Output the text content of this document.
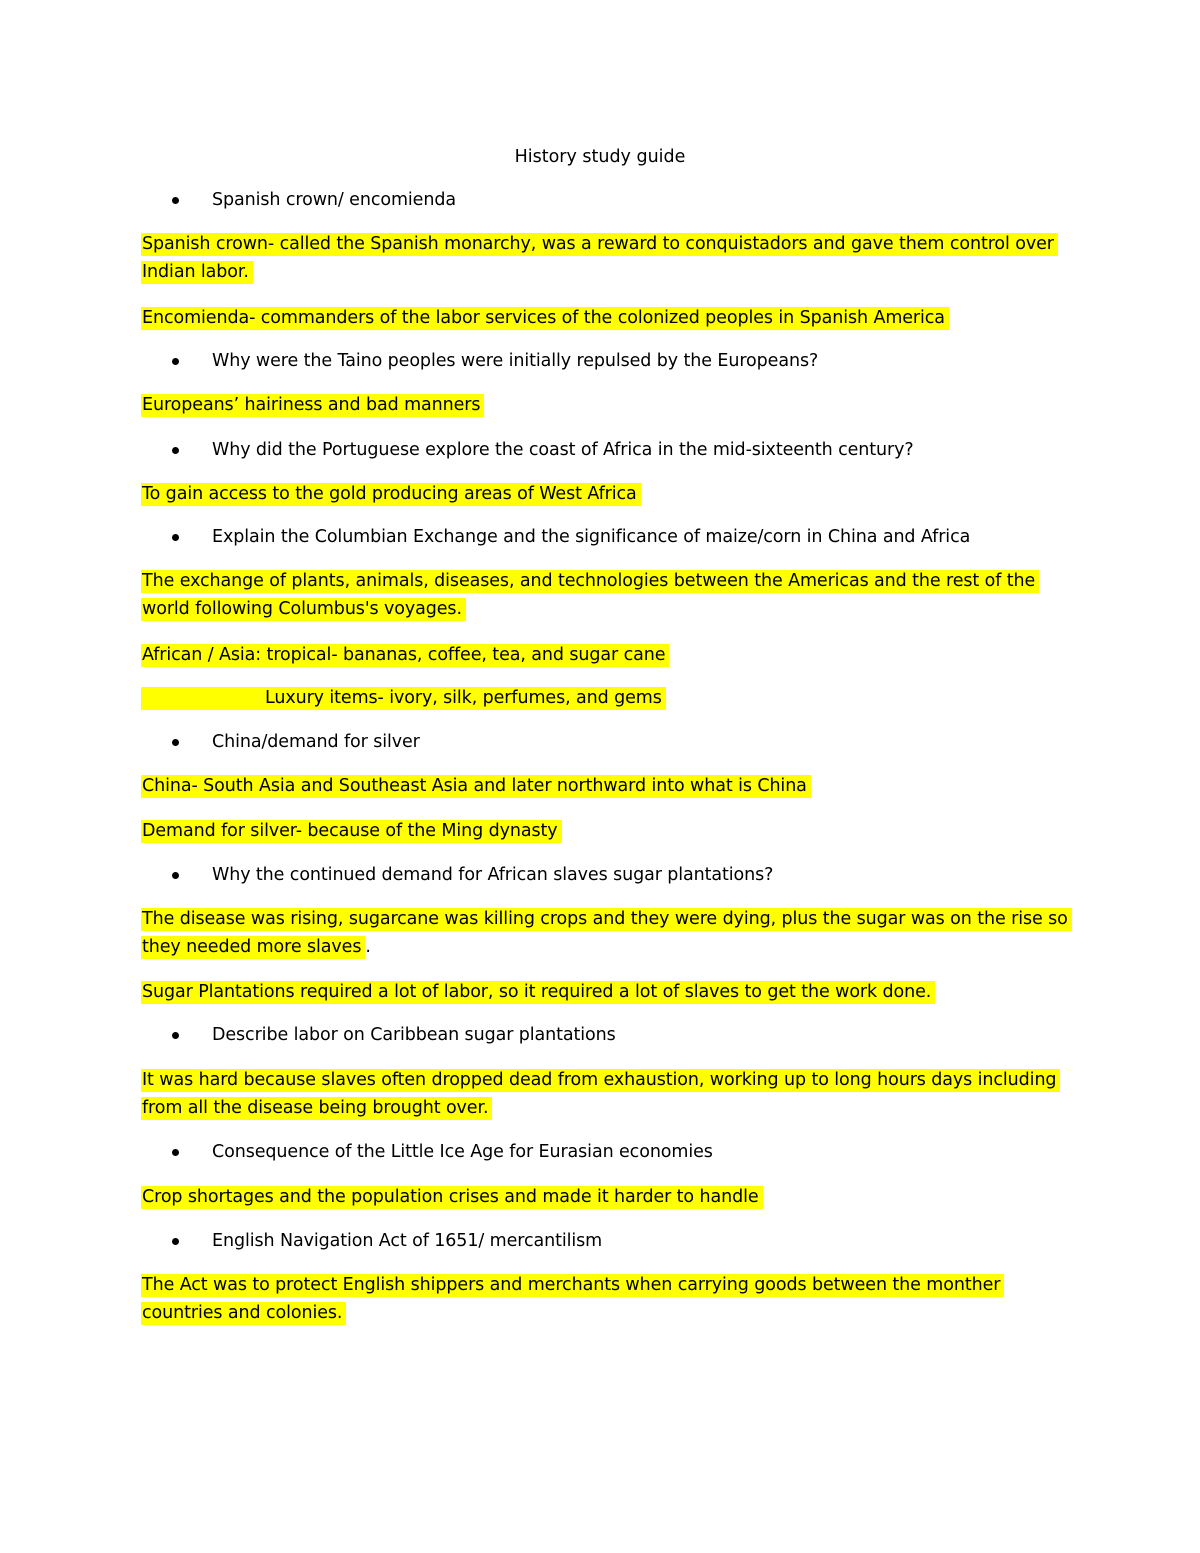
History study guide
Spanish crown/ encomienda
Spanish crown- called the Spanish monarchy, was a reward to conquistadors and gave them control over
Indian labor.
Encomienda- commanders of the labor services of the colonized peoples in Spanish America
Why were the Taino peoples were initially repulsed by the Europeans?
Europeans’ hairiness and bad manners
Why did the Portuguese explore the coast of Africa in the mid-sixteenth century?
To gain access to the gold producing areas of West Africa
Explain the Columbian Exchange and the significance of maize/corn in China and Africa
The exchange of plants, animals, diseases, and technologies between the Americas and the rest of the
world following Columbus's voyages.
African / Asia: tropical- bananas, coffee, tea, and sugar cane
Luxury items- ivory, silk, perfumes, and gems
China/demand for silver
China- South Asia and Southeast Asia and later northward into what is China
Demand for silver- because of the Ming dynasty
Why the continued demand for African slaves sugar plantations?
The disease was rising, sugarcane was killing crops and they were dying, plus the sugar was on the rise so
they needed more slaves .
Sugar Plantations required a lot of labor, so it required a lot of slaves to get the work done.
Describe labor on Caribbean sugar plantations
It was hard because slaves often dropped dead from exhaustion, working up to long hours days including
from all the disease being brought over.
Consequence of the Little Ice Age for Eurasian economies
Crop shortages and the population crises and made it harder to handle
English Navigation Act of 1651/ mercantilism
The Act was to protect English shippers and merchants when carrying goods between the monther
countries and colonies.
